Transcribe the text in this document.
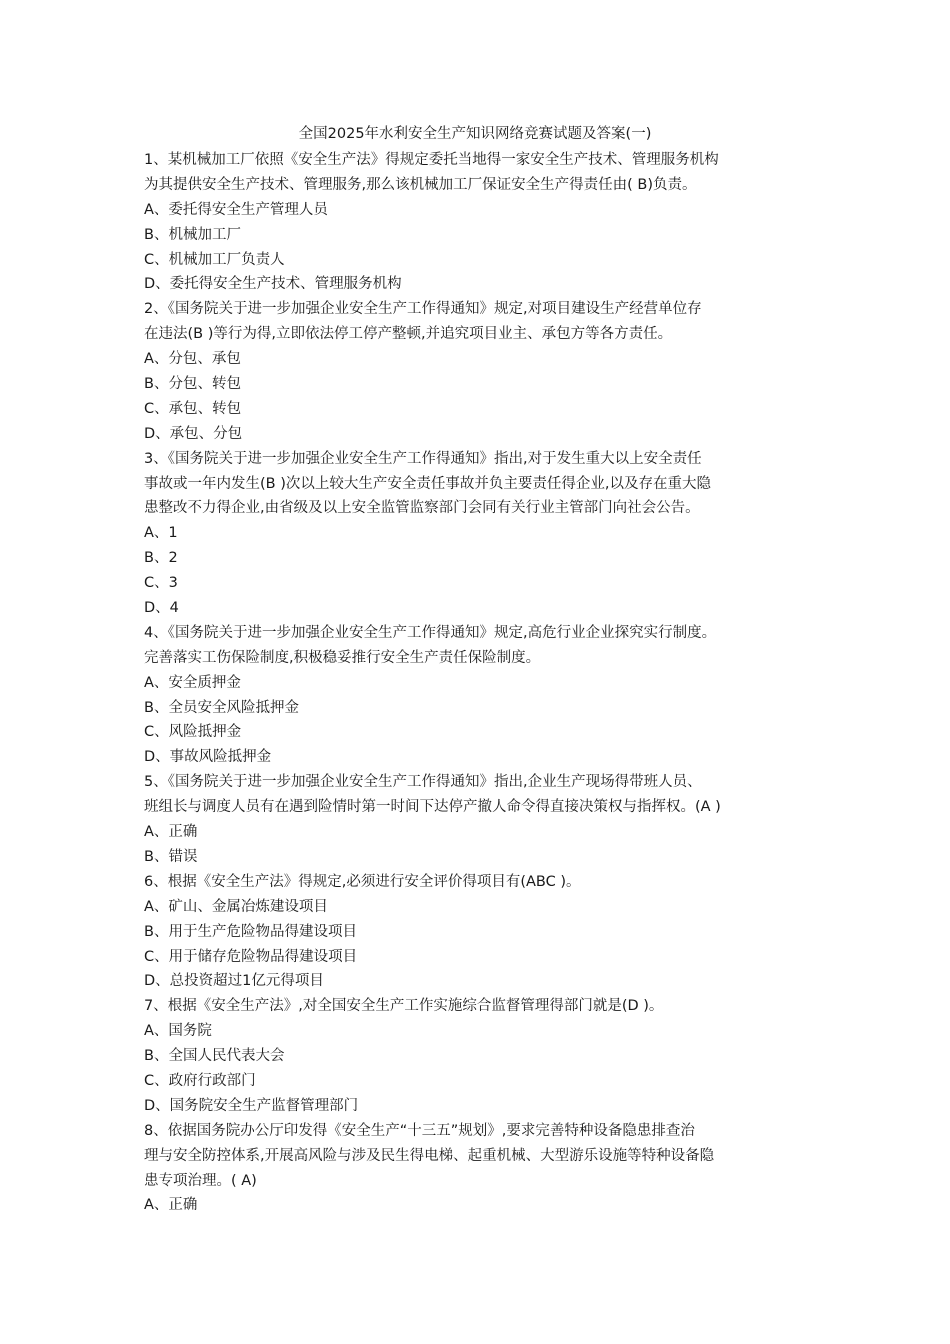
全国2025年水利安全生产知识网络竞赛试题及答案(一)
1、某机械加工厂依照《安全生产法》得规定委托当地得一家安全生产技术、管理服务机构
为其提供安全生产技术、管理服务,那么该机械加工厂保证安全生产得责任由( B)负责。
A、委托得安全生产管理人员
B、机械加工厂
C、机械加工厂负责人
D、委托得安全生产技术、管理服务机构
2、《国务院关于进一步加强企业安全生产工作得通知》规定,对项目建设生产经营单位存
在违法(B )等行为得,立即依法停工停产整顿,并追究项目业主、承包方等各方责任。
A、分包、承包
B、分包、转包
C、承包、转包
D、承包、分包
3、《国务院关于进一步加强企业安全生产工作得通知》指出,对于发生重大以上安全责任
事故或一年内发生(B )次以上较大生产安全责任事故并负主要责任得企业,以及存在重大隐
患整改不力得企业,由省级及以上安全监管监察部门会同有关行业主管部门向社会公告。
A、1
B、2
C、3
D、4
4、《国务院关于进一步加强企业安全生产工作得通知》规定,高危行业企业探究实行制度。
完善落实工伤保险制度,积极稳妥推行安全生产责任保险制度。
A、安全质押金
B、全员安全风险抵押金
C、风险抵押金
D、事故风险抵押金
5、《国务院关于进一步加强企业安全生产工作得通知》指出,企业生产现场得带班人员、
班组长与调度人员有在遇到险情时第一时间下达停产撤人命令得直接决策权与指挥权。(A )
A、正确
B、错误
6、根据《安全生产法》得规定,必须进行安全评价得项目有(ABC )。
A、矿山、金属冶炼建设项目
B、用于生产危险物品得建设项目
C、用于储存危险物品得建设项目
D、总投资超过1亿元得项目
7、根据《安全生产法》,对全国安全生产工作实施综合监督管理得部门就是(D )。
A、国务院
B、全国人民代表大会
C、政府行政部门
D、国务院安全生产监督管理部门
8、依据国务院办公厅印发得《安全生产“十三五”规划》,要求完善特种设备隐患排查治
理与安全防控体系,开展高风险与涉及民生得电梯、起重机械、大型游乐设施等特种设备隐
患专项治理。( A)
A、正确
